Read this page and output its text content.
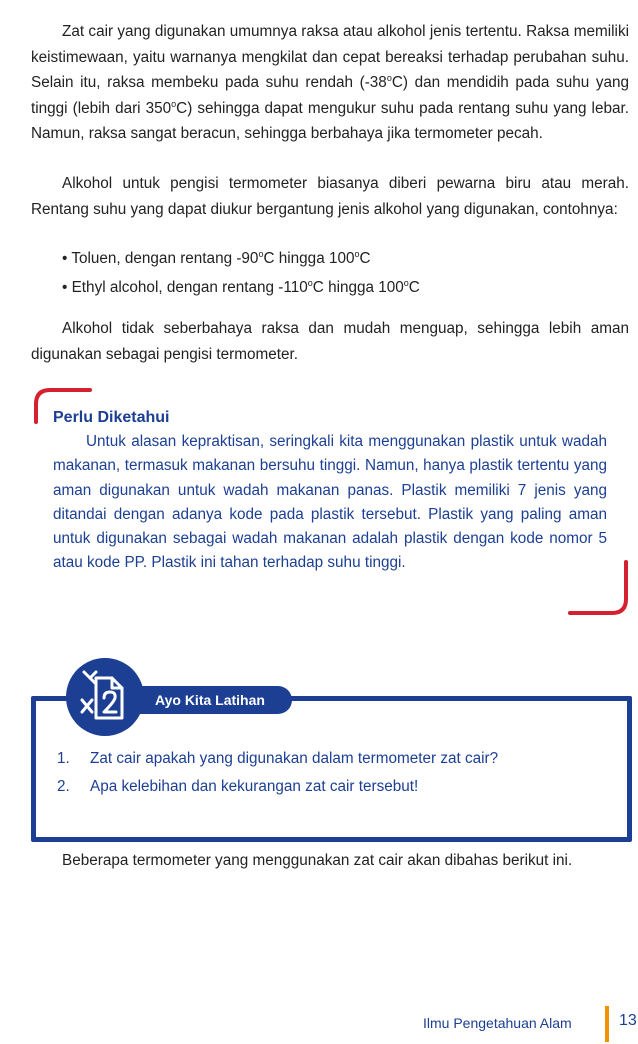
Zat cair yang digunakan umumnya raksa atau alkohol jenis tertentu. Raksa memiliki keistimewaan, yaitu warnanya mengkilat dan cepat bereaksi terhadap perubahan suhu. Selain itu, raksa membeku pada suhu rendah (-38$^o$C) dan mendidih pada suhu yang tinggi (lebih dari 350$^o$C) sehingga dapat mengukur suhu pada rentang suhu yang lebar. Namun, raksa sangat beracun, sehingga berbahaya jika termometer pecah.

Alkohol untuk pengisi termometer biasanya diberi pewarna biru atau merah. Rentang suhu yang dapat diukur bergantung jenis alkohol yang digunakan, contohnya:

• Toluen, dengan rentang -90$^o$C hingga 100$^o$C

• Ethyl alcohol, dengan rentang -110$^o$C hingga 100$^o$C

Alkohol tidak seberbahaya raksa dan mudah menguap, sehingga lebih aman digunakan sebagai pengisi termometer.

Perlu Diketahui

Untuk alasan kepraktisan, seringkali kita menggunakan plastik untuk wadah makanan, termasuk makanan bersuhu tinggi. Namun, hanya plastik tertentu yang aman digunakan untuk wadah makanan panas. Plastik memiliki 7 jenis yang ditandai dengan adanya kode pada plastik tersebut. Plastik yang paling aman untuk digunakan sebagai wadah makanan adalah plastik dengan kode nomor 5 atau kode PP. Plastik ini tahan terhadap suhu tinggi.

Ayo Kita Latihan

1. Zat cair apakah yang digunakan dalam termometer zat cair?

2. Apa kelebihan dan kekurangan zat cair tersebut!

Beberapa termometer yang menggunakan zat cair akan dibahas berikut ini.

Ilmu Pengetahuan Alam	13
